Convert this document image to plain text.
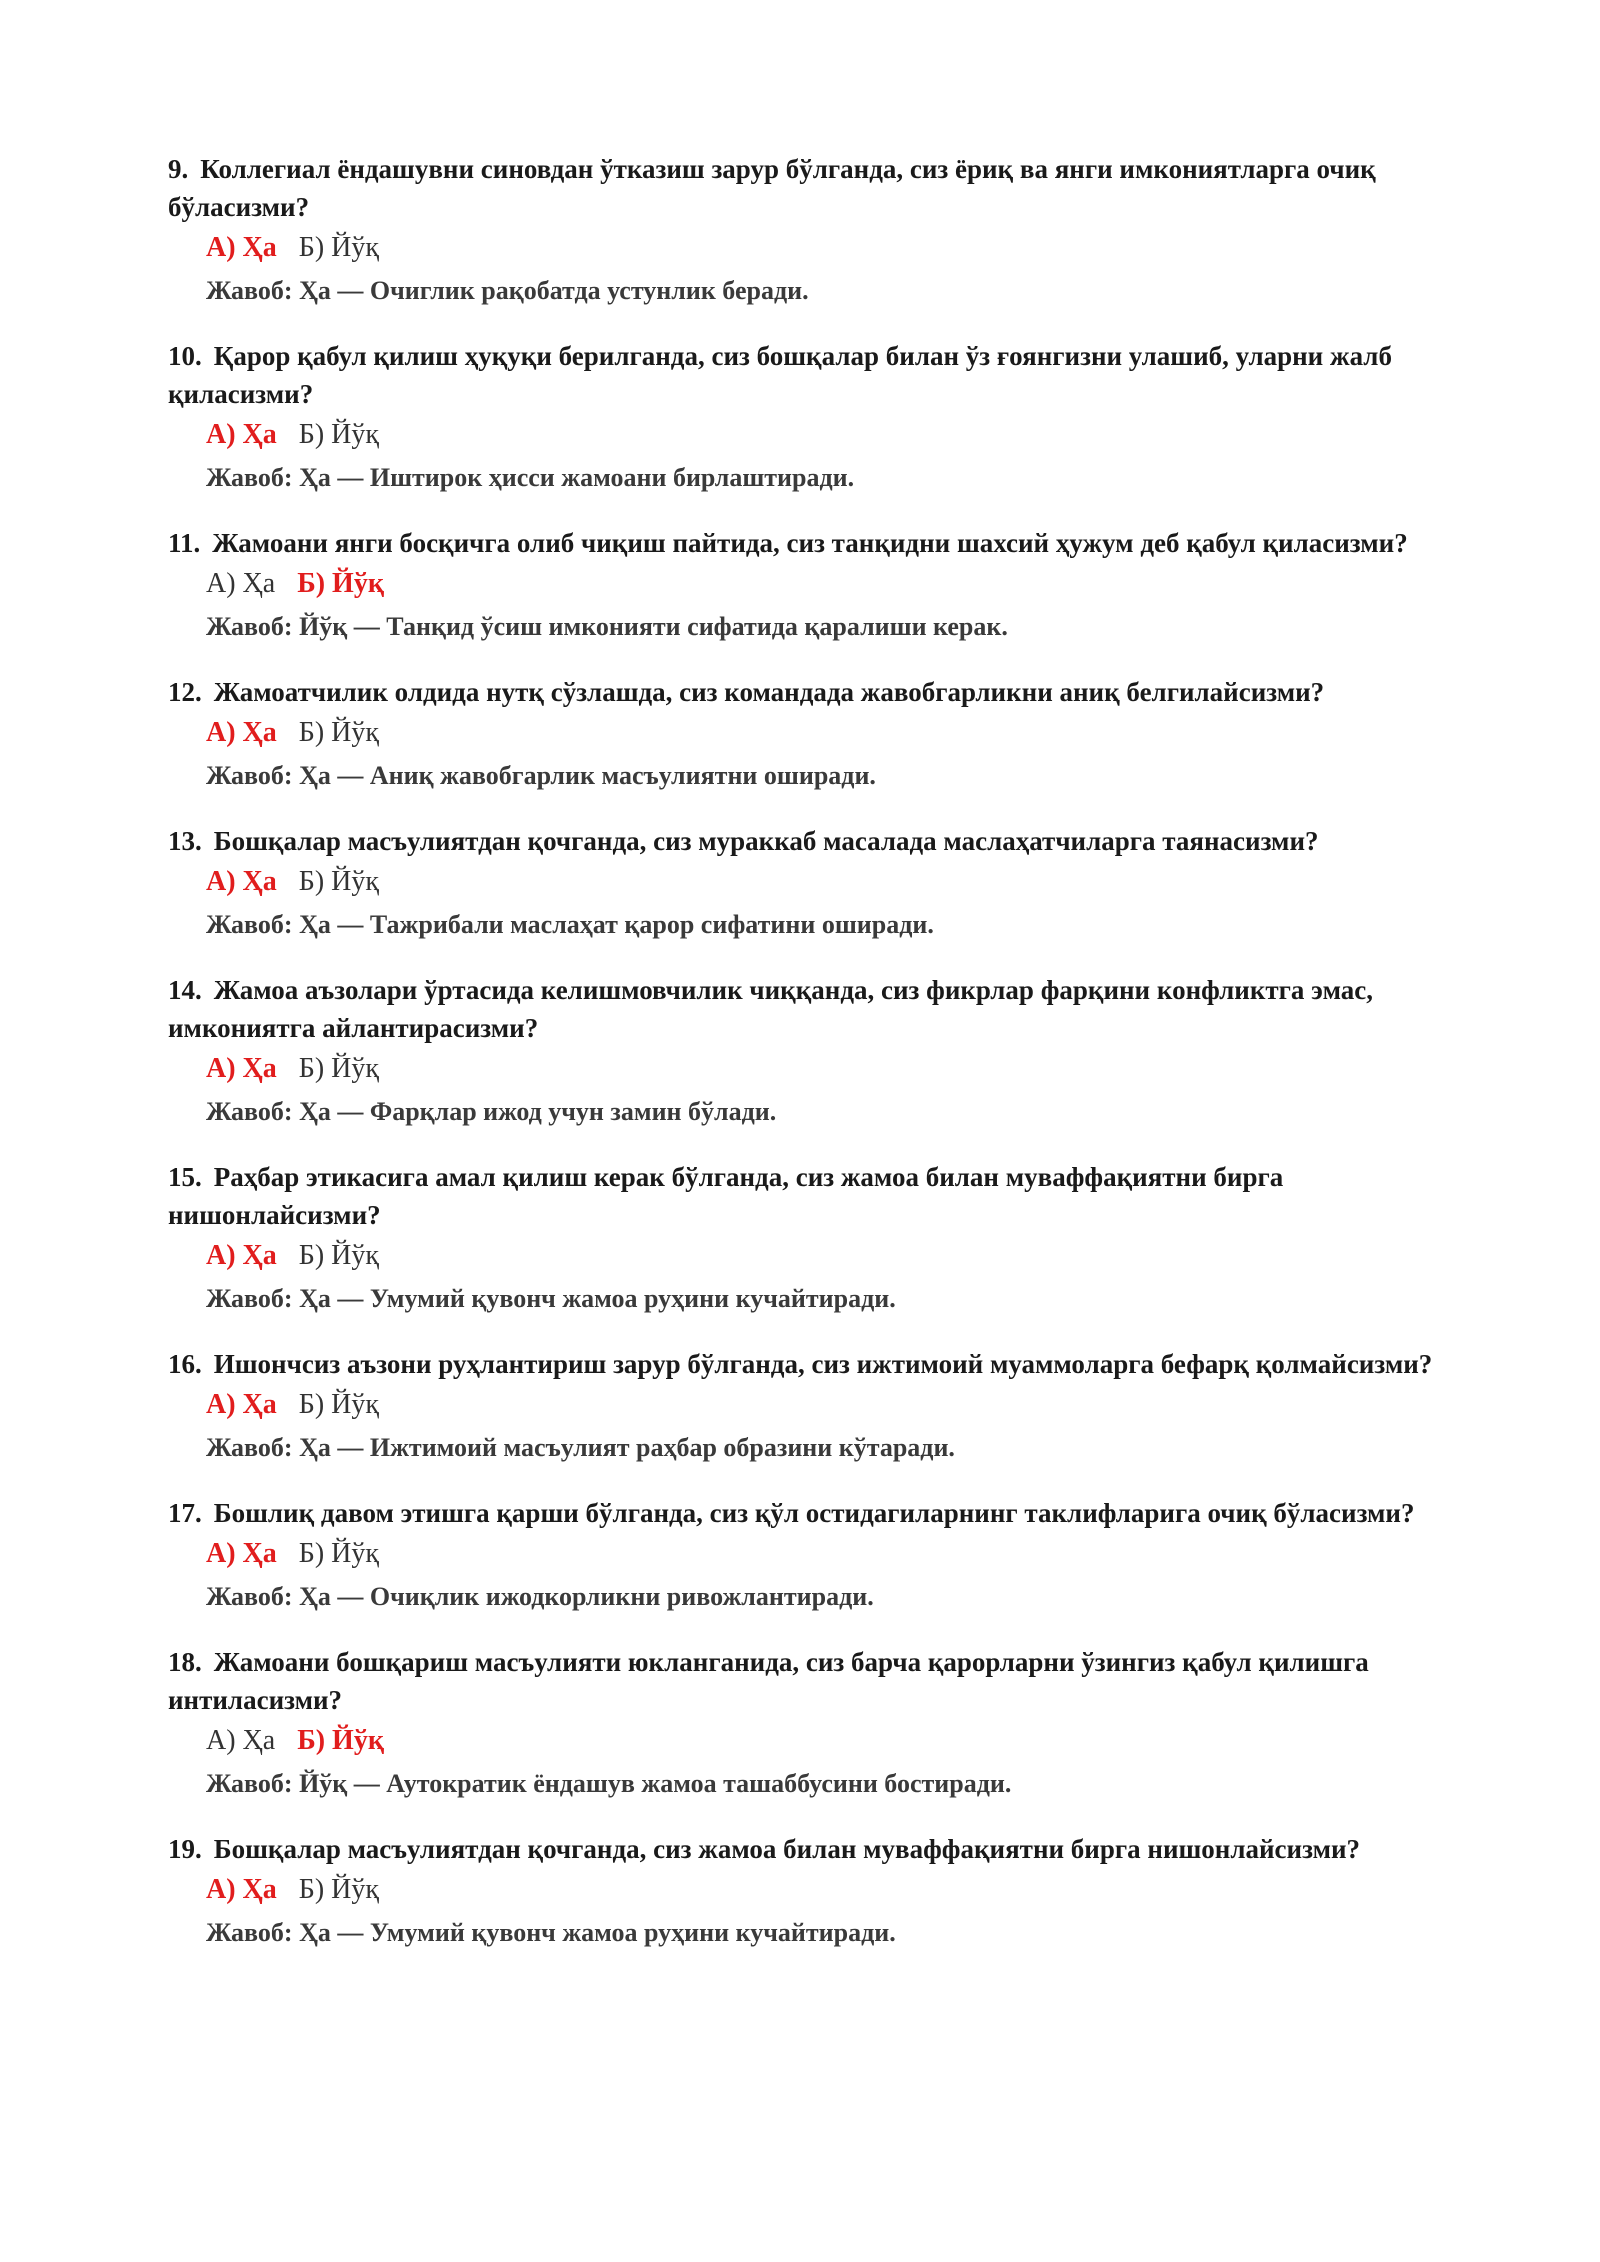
9. Коллегиал ёндашувни синовдан ўтказиш зарур бўлганда, сиз ёриқ ва янги имкониятларга очиқ бўласизми?
А) Ҳа Б) Йўқ
Жавоб: Ҳа — Очиглик рақобатда устунлик беради.
10. Қарор қабул қилиш ҳуқуқи берилганда, сиз бошқалар билан ўз ғоянгизни улашиб, уларни жалб қиласизми?
А) Ҳа Б) Йўқ
Жавоб: Ҳа — Иштирок ҳисси жамоани бирлаштиради.
11. Жамоани янги босқичга олиб чиқиш пайтида, сиз танқидни шахсий ҳужум деб қабул қиласизми?
А) Ҳа Б) Йўқ
Жавоб: Йўқ — Танқид ўсиш имконияти сифатида қаралиши керак.
12. Жамоатчилик олдида нутқ сўзлашда, сиз командада жавобгарликни аниқ белгилайсизми?
А) Ҳа Б) Йўқ
Жавоб: Ҳа — Аниқ жавобгарлик масъулиятни оширади.
13. Бошқалар масъулиятдан қочганда, сиз мураккаб масалада маслаҳатчиларга таянасизми?
А) Ҳа Б) Йўқ
Жавоб: Ҳа — Тажрибали маслаҳат қарор сифатини оширади.
14. Жамоа аъзолари ўртасида келишмовчилик чиққанда, сиз фикрлар фарқини конфликтга эмас, имкониятга айлантирасизми?
А) Ҳа Б) Йўқ
Жавоб: Ҳа — Фарқлар ижод учун замин бўлади.
15. Раҳбар этикасига амал қилиш керак бўлганда, сиз жамоа билан муваффақиятни бирга нишонлайсизми?
А) Ҳа Б) Йўқ
Жавоб: Ҳа — Умумий қувонч жамоа руҳини кучайтиради.
16. Ишончсиз аъзони руҳлантириш зарур бўлганда, сиз ижтимоий муаммоларга бефарқ қолмайсизми?
А) Ҳа Б) Йўқ
Жавоб: Ҳа — Ижтимоий масъулият раҳбар образини кўтаради.
17. Бошлиқ давом этишга қарши бўлганда, сиз қўл остидагиларнинг таклифларига очиқ бўласизми?
А) Ҳа Б) Йўқ
Жавоб: Ҳа — Очиқлик ижодкорликни ривожлантиради.
18. Жамоани бошқариш масъулияти юкланганида, сиз барча қарорларни ўзингиз қабул қилишга интиласизми?
А) Ҳа Б) Йўқ
Жавоб: Йўқ — Аутократик ёндашув жамоа ташаббусини бостиради.
19. Бошқалар масъулиятдан қочганда, сиз жамоа билан муваффақиятни бирга нишонлайсизми?
А) Ҳа Б) Йўқ
Жавоб: Ҳа — Умумий қувонч жамоа руҳини кучайтиради.
